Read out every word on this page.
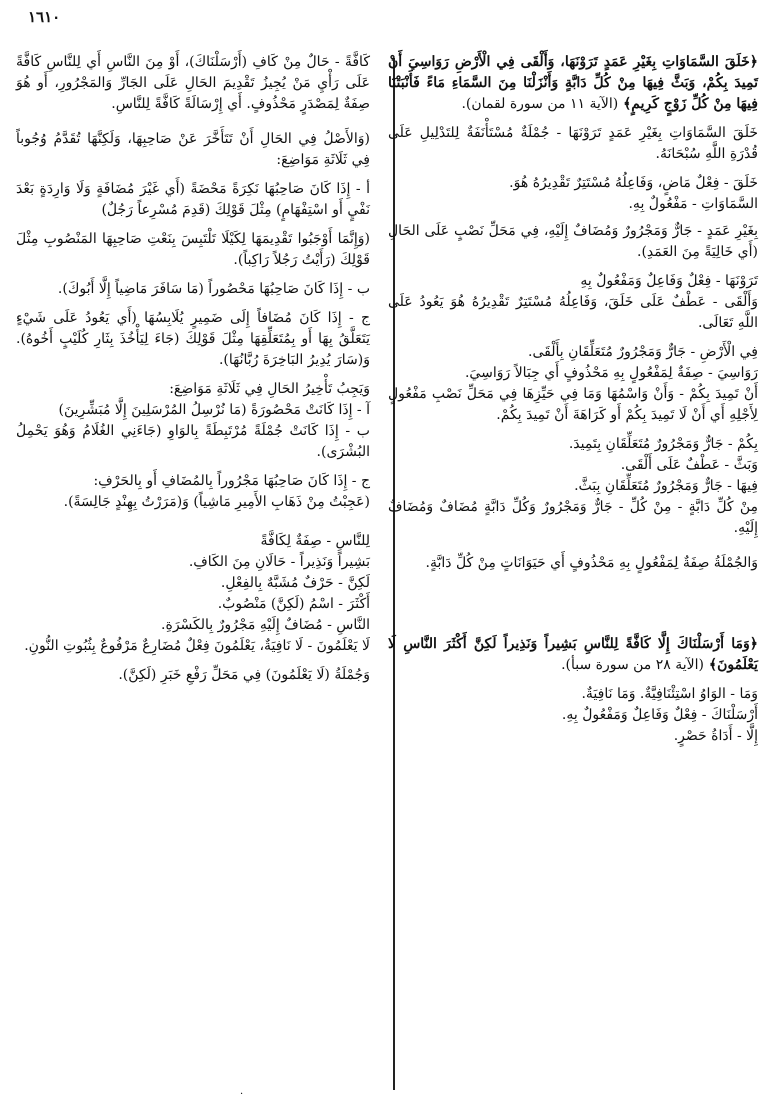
١٦١٠

﴿خَلَقَ السَّمَاوَاتِ بِغَيْرِ عَمَدٍ تَرَوْنَهَا، وَأَلْقَى فِي الْأَرْضِ رَوَاسِيَ أَنْ تَمِيدَ بِكُمْ، وَبَثَّ فِيهَا مِنْ كُلِّ دَابَّةٍ وَأَنْزَلْنَا مِنَ السَّمَاءِ مَاءً فَأَنْبَتْنَا فِيهَا مِنْ كُلِّ زَوْجٍ كَرِيمٍ﴾ (الآية ١١ من سورة لقمان).

خَلَقَ السَّمَاوَاتِ بِغَيْرِ عَمَدٍ تَرَوْنَهَا - جُمْلَةٌ مُسْتَأْنَفَةٌ لِلتَدْلِيلِ عَلَى قُدْرَةِ اللَّهِ سُبْحَانَهُ.

خَلَقَ - فِعْلٌ مَاضٍ، وَفَاعِلُهُ مُسْتَتِرٌ تَقْدِيرُهُ هُوَ.

السَّمَاوَاتِ - مَفْعُولٌ بِهِ.

بِغَيْرِ عَمَدٍ - جَارٌّ وَمَجْرُورٌ وَمُضَافٌ إِلَيْهِ، فِي مَحَلِّ نَصْبٍ عَلَى الحَالِ (أَي خَالِيَةً مِنَ العَمَدِ).

تَرَوْنَهَا - فِعْلٌ وَفَاعِلٌ وَمَفْعُولٌ بِهِ

وَأَلْقَى - عَطْفٌ عَلَى خَلَقَ، وَفَاعِلُهُ مُسْتَتِرٌ تَقْدِيرُهُ هُوَ يَعُودُ عَلَى اللَّهِ تَعَالَى.

فِي الْأَرْضِ - جَارٌّ وَمَجْرُورٌ مُتَعَلِّقَانِ بِأَلْقَى.

رَوَاسِيَ - صِفَةٌ لِمَفْعُولٍ بِهِ مَحْذُوفٍ أَي جِبَالاً رَوَاسِيَ.

أَنْ تَمِيدَ بِكُمْ - وَأَنْ وَاسْمُهَا وَمَا فِي حَيِّزِهَا فِي مَحَلِّ نَصْبِ مَفْعُولٍ لِأَجْلِهِ أَي أَنْ لَا تَمِيدَ بِكُمْ أَو كَرَاهَةَ أَنْ تَمِيدَ بِكُمْ.

بِكُمْ - جَارٌّ وَمَجْرُورٌ مُتَعَلِّقَانِ بِتَمِيدَ.

وَبَثَّ - عَطْفٌ عَلَى أَلْقَى.

فِيهَا - جَارٌّ وَمَجْرُورٌ مُتَعَلِّقَانِ بِبَثَّ.

مِنْ كُلِّ دَابَّةٍ - مِنْ كُلِّ - جَارٌّ وَمَجْرُورٌ وَكُلِّ دَابَّةٍ مُضَافٌ وَمُضَافٌ إِلَيْهِ.

وَالجُمْلَةُ صِفَةٌ لِمَفْعُولٍ بِهِ مَحْذُوفٍ أَي حَيَوَانَاتٍ مِنْ كُلِّ دَابَّةٍ.

﴿وَمَا أَرْسَلْنَاكَ إِلَّا كَافَّةً لِلنَّاسِ بَشِيراً وَنَذِيراً لَكِنَّ أَكْثَرَ النَّاسِ لَا يَعْلَمُونَ﴾ (الآية ٢٨ من سورة سبأ).

وَمَا - الوَاوُ اسْتِئْنَافِيَّةٌ. وَمَا نَافِيَةٌ.

أَرْسَلْنَاكَ - فِعْلٌ وَفَاعِلٌ وَمَفْعُولٌ بِهِ.

إِلَّا - أَدَاةُ حَصْرٍ.

كَافَّةً - حَالٌ مِنْ كَافِ (أَرْسَلْنَاكَ)، أَوْ مِنَ النَّاسِ أَي لِلنَّاسِ كَافَّةً عَلَى رَأْيِ مَنْ يُجِيزُ تَقْدِيمَ الحَالِ عَلَى الجَارِّ وَالمَجْرُورِ، أَو هُوَ صِفَةٌ لِمَصْدَرٍ مَحْذُوفٍ. أَي إِرْسَالَةً كَافَّةً لِلنَّاسِ.

(وَالأَصْلُ فِي الحَالِ أَنْ تَتَأَخَّرَ عَنْ صَاحِبِهَا، وَلَكِنَّهَا تُقَدَّمُ وُجُوباً فِي ثَلَاثَةِ مَوَاضِعَ:

أ - إِذَا كَانَ صَاحِبُهَا نَكِرَةً مَحْضَةً (أَي غَيْرَ مُضَافَةٍ وَلَا وَارِدَةٍ بَعْدَ نَفْيٍ أَو اسْتِفْهَامٍ) مِثْلَ قَوْلِكَ (قَدِمَ مُسْرِعاً رَجُلٌ)

(وَإِنَّمَا أَوْجَبُوا تَقْدِيمَهَا لِكَيْلَا تَلْتَبِسَ بِنَعْتِ صَاحِبِهَا المَنْصُوبِ مِثْلَ قَوْلِكَ (رَأَيْتُ رَجُلاً رَاكِباً).

ب - إِذَا كَانَ صَاحِبُهَا مَحْصُوراً (مَا سَافَرَ مَاضِياً إِلَّا أَبُوكَ).

ج - إِذَا كَانَ مُضَافاً إِلَى ضَمِيرٍ يُلَابِسُهَا (أَي يَعُودُ عَلَى شَيْءٍ يَتَعَلَّقُ بِهَا أَو بِمُتَعَلِّقِهَا مِثْلَ قَوْلِكَ (جَاءَ لِيَأْخُذَ بِثَارِ كُلَيْبٍ أَخُوهُ). وَ(سَارَ يُدِيرُ البَاخِرَةَ رُبَّانُهَا).

وَيَجِبُ تَأْخِيرُ الحَالِ فِي ثَلَاثَةِ مَوَاضِعَ:

آ - إِذَا كَانَتْ مَحْصُورَةً (مَا نُرْسِلُ المُرْسَلِينَ إِلَّا مُبَشِّرِينَ)

ب - إِذَا كَانَتْ جُمْلَةً مُرْتَبِطَةً بِالوَاوِ (جَاءَنِي الغُلَامُ وَهُوَ يَحْمِلُ البُشْرَى).

ج - إِذَا كَانَ صَاحِبُهَا مَجْرُوراً بِالمُضَافِ أَو بِالحَرْفِ:

(عَجِبْتُ مِنْ ذَهَابِ الأَمِيرِ مَاشِياً) وَ(مَرَرْتُ بِهِنْدٍ جَالِسَةً).

لِلنَّاسِ - صِفَةٌ لِكَافَّةً

بَشِيراً وَنَذِيراً - حَالَانِ مِنَ الكَافِ.

لَكِنَّ - حَرْفٌ مُشَبَّهٌ بِالفِعْلِ.

أَكْثَرَ - اسْمُ (لَكِنَّ) مَنْصُوبٌ.

النَّاسِ - مُضَافٌ إِلَيْهِ مَجْرُورٌ بِالكَسْرَةِ.

لَا يَعْلَمُونَ - لَا نَافِيَةٌ، يَعْلَمُونَ فِعْلٌ مُضَارِعٌ مَرْفُوعٌ بِثُبُوتِ النُّونِ.

وَجُمْلَةُ (لَا يَعْلَمُونَ) فِي مَحَلِّ رَفْعِ خَبَرِ (لَكِنَّ).

·
